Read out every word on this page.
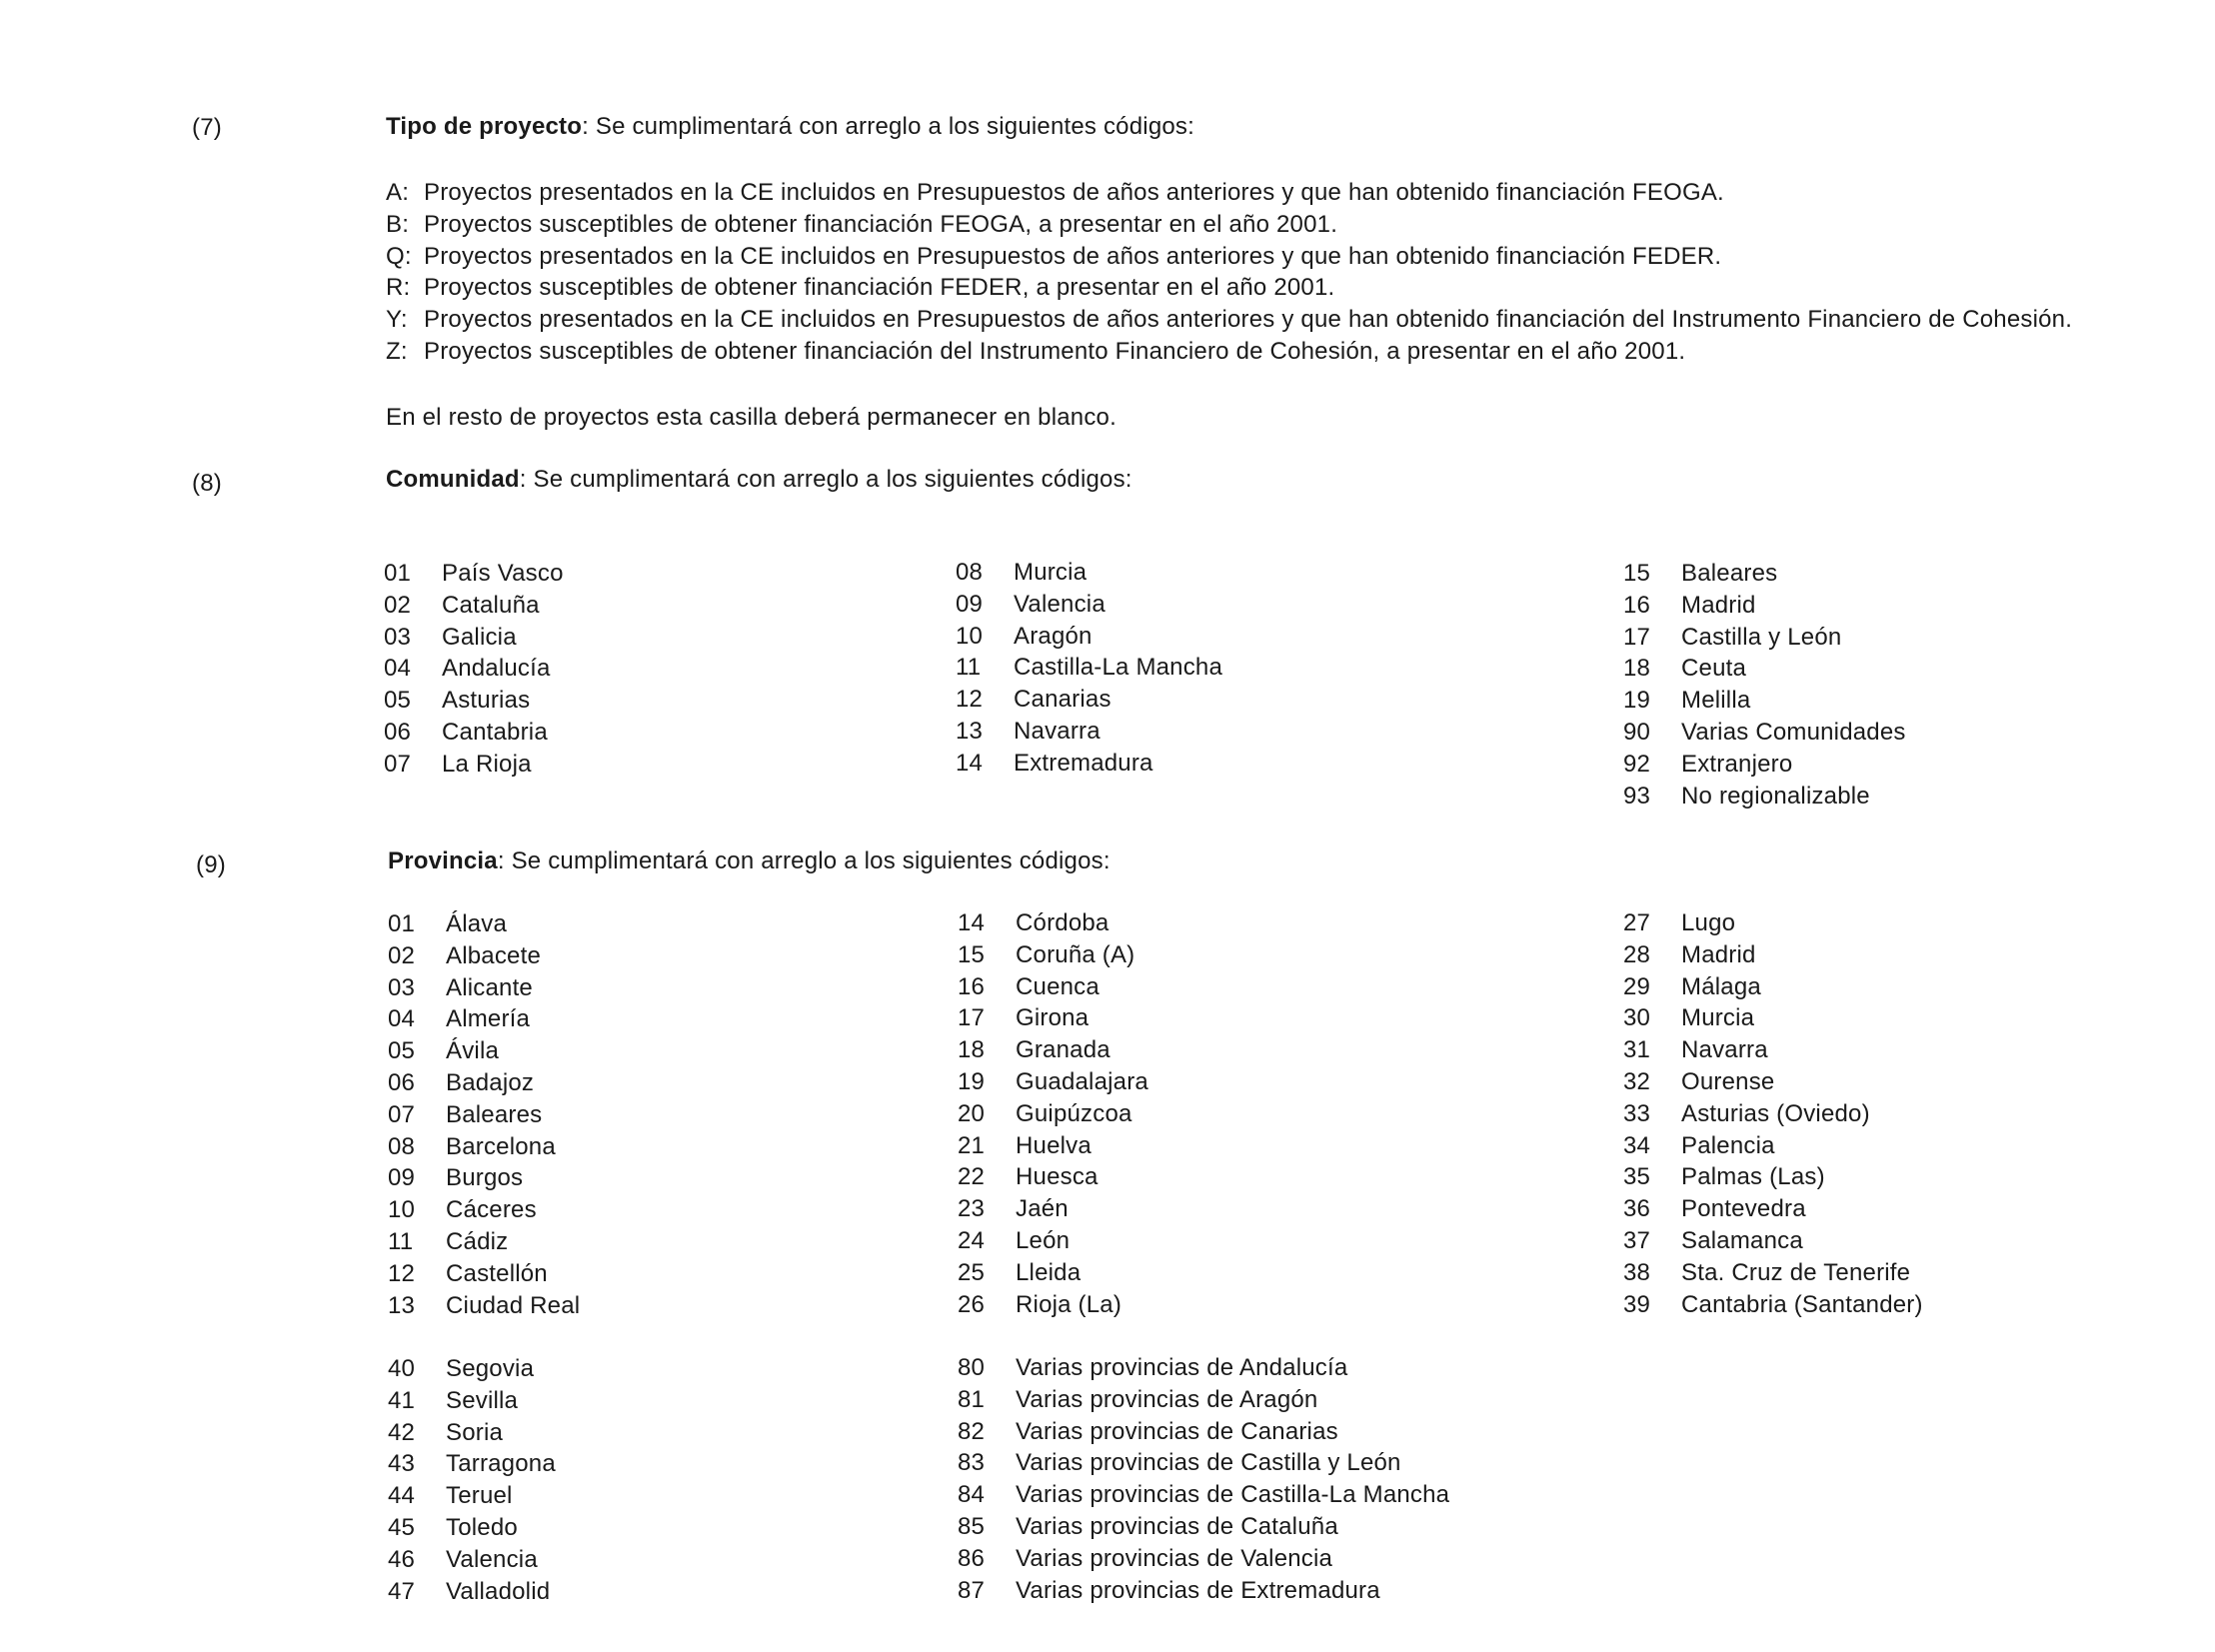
(7)	Tipo de proyecto: Se cumplimentará con arreglo a los siguientes códigos:
A: Proyectos presentados en la CE incluidos en Presupuestos de años anteriores y que han obtenido financiación FEOGA.
B: Proyectos susceptibles de obtener financiación FEOGA, a presentar en el año 2001.
Q: Proyectos presentados en la CE incluidos en Presupuestos de años anteriores y que han obtenido financiación FEDER.
R: Proyectos susceptibles de obtener financiación FEDER, a presentar en el año 2001.
Y: Proyectos presentados en la CE incluidos en Presupuestos de años anteriores y que han obtenido financiación del Instrumento Financiero de Cohesión.
Z: Proyectos susceptibles de obtener financiación del Instrumento Financiero de Cohesión, a presentar en el año 2001.
En el resto de proyectos esta casilla deberá permanecer en blanco.
(8)	Comunidad: Se cumplimentará con arreglo a los siguientes códigos:
01 País Vasco
02 Cataluña
03 Galicia
04 Andalucía
05 Asturias
06 Cantabria
07 La Rioja
08 Murcia
09 Valencia
10 Aragón
11 Castilla-La Mancha
12 Canarias
13 Navarra
14 Extremadura
15 Baleares
16 Madrid
17 Castilla y León
18 Ceuta
19 Melilla
90 Varias Comunidades
92 Extranjero
93 No regionalizable
(9)	Provincia: Se cumplimentará con arreglo a los siguientes códigos:
01 Álava
02 Albacete
03 Alicante
04 Almería
05 Ávila
06 Badajoz
07 Baleares
08 Barcelona
09 Burgos
10 Cáceres
11 Cádiz
12 Castellón
13 Ciudad Real
14 Córdoba
15 Coruña (A)
16 Cuenca
17 Girona
18 Granada
19 Guadalajara
20 Guipúzcoa
21 Huelva
22 Huesca
23 Jaén
24 León
25 Lleida
26 Rioja (La)
27 Lugo
28 Madrid
29 Málaga
30 Murcia
31 Navarra
32 Ourense
33 Asturias (Oviedo)
34 Palencia
35 Palmas (Las)
36 Pontevedra
37 Salamanca
38 Sta. Cruz de Tenerife
39 Cantabria (Santander)
40 Segovia
41 Sevilla
42 Soria
43 Tarragona
44 Teruel
45 Toledo
46 Valencia
47 Valladolid
80 Varias provincias de Andalucía
81 Varias provincias de Aragón
82 Varias provincias de Canarias
83 Varias provincias de Castilla y León
84 Varias provincias de Castilla-La Mancha
85 Varias provincias de Cataluña
86 Varias provincias de Valencia
87 Varias provincias de Extremadura
